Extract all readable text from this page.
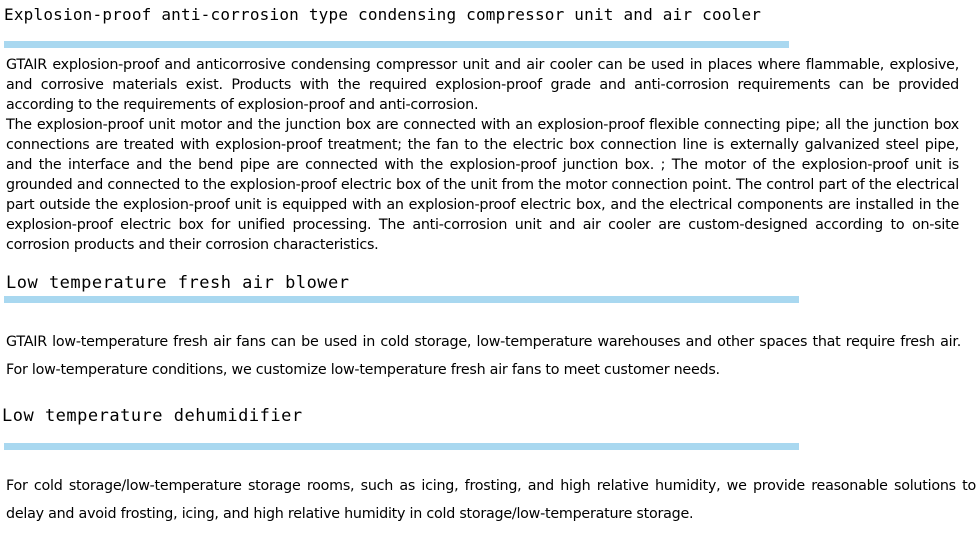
Explosion-proof anti-corrosion type condensing compressor unit and air cooler
GTAIR explosion-proof and anticorrosive condensing compressor unit and air cooler can be used in places where flammable, explosive, and corrosive materials exist. Products with the required explosion-proof grade and anti-corrosion requirements can be provided according to the requirements of explosion-proof and anti-corrosion.
The explosion-proof unit motor and the junction box are connected with an explosion-proof flexible connecting pipe; all the junction box connections are treated with explosion-proof treatment; the fan to the electric box connection line is externally galvanized steel pipe, and the interface and the bend pipe are connected with the explosion-proof junction box. ; The motor of the explosion-proof unit is grounded and connected to the explosion-proof electric box of the unit from the motor connection point. The control part of the electrical part outside the explosion-proof unit is equipped with an explosion-proof electric box, and the electrical components are installed in the explosion-proof electric box for unified processing. The anti-corrosion unit and air cooler are custom-designed according to on-site corrosion products and their corrosion characteristics.
Low temperature fresh air blower
GTAIR low-temperature fresh air fans can be used in cold storage, low-temperature warehouses and other spaces that require fresh air. For low-temperature conditions, we customize low-temperature fresh air fans to meet customer needs.
Low temperature dehumidifier
For cold storage/low-temperature storage rooms, such as icing, frosting, and high relative humidity, we provide reasonable solutions to delay and avoid frosting, icing, and high relative humidity in cold storage/low-temperature storage.
